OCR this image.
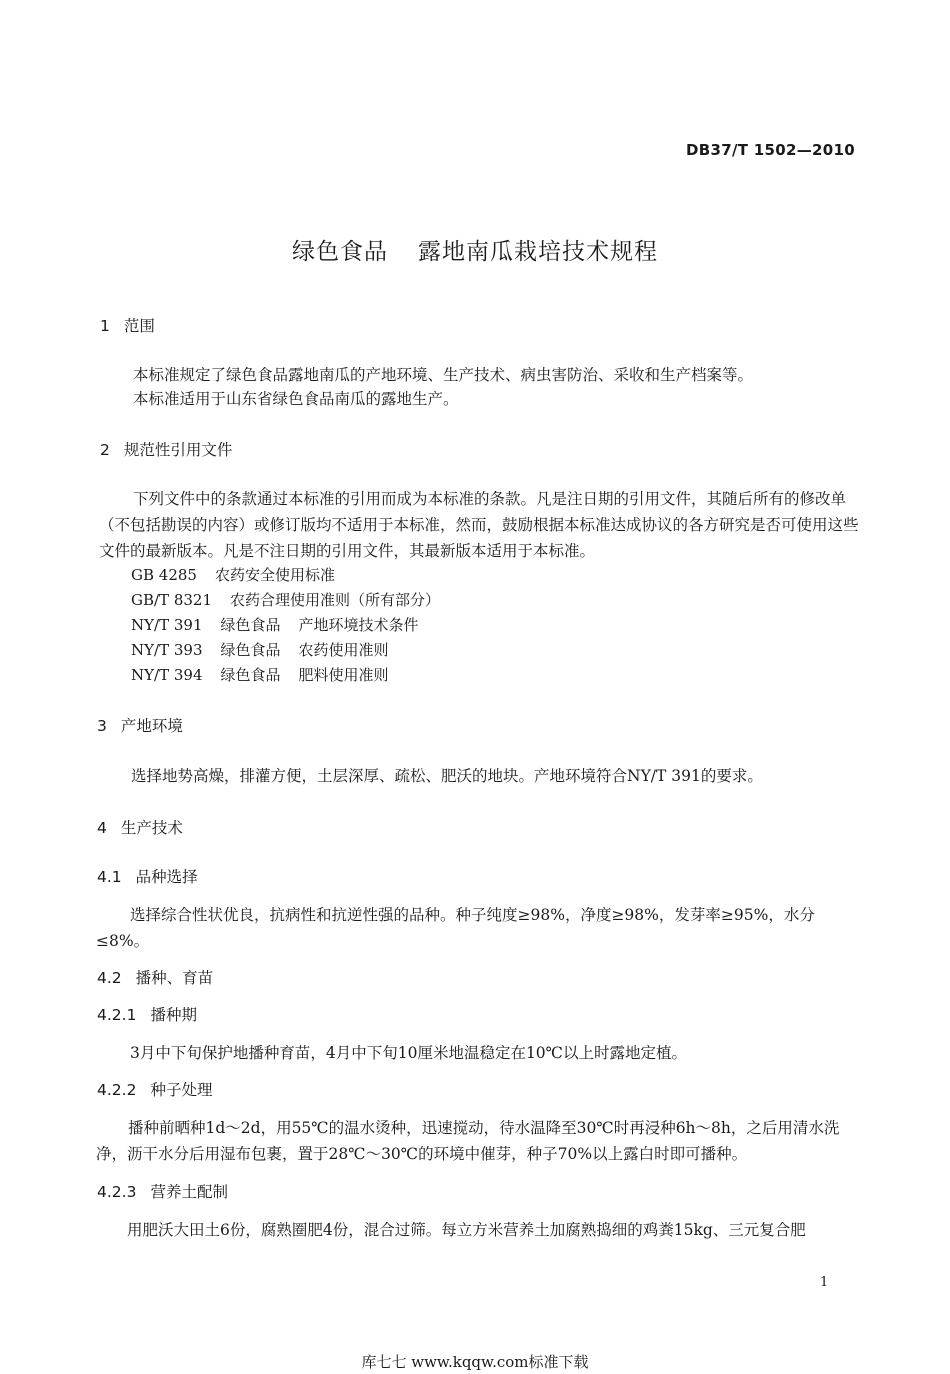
DB37/T 1502—2010
绿色食品 露地南瓜栽培技术规程
1 范围
本标准规定了绿色食品露地南瓜的产地环境、生产技术、病虫害防治、采收和生产档案等。
本标准适用于山东省绿色食品南瓜的露地生产。
2 规范性引用文件
下列文件中的条款通过本标准的引用而成为本标准的条款。凡是注日期的引用文件，其随后所有的修改单（不包括勘误的内容）或修订版均不适用于本标准，然而，鼓励根据本标准达成协议的各方研究是否可使用这些文件的最新版本。凡是不注日期的引用文件，其最新版本适用于本标准。
GB 4285 农药安全使用标准
GB/T 8321 农药合理使用准则（所有部分）
NY/T 391 绿色食品 产地环境技术条件
NY/T 393 绿色食品 农药使用准则
NY/T 394 绿色食品 肥料使用准则
3 产地环境
选择地势高燥，排灌方便，土层深厚、疏松、肥沃的地块。产地环境符合NY/T 391的要求。
4 生产技术
4.1 品种选择
选择综合性状优良，抗病性和抗逆性强的品种。种子纯度≥98%，净度≥98%，发芽率≥95%，水分≤8%。
4.2 播种、育苗
4.2.1 播种期
3月中下旬保护地播种育苗，4月中下旬10厘米地温稳定在10℃以上时露地定植。
4.2.2 种子处理
播种前晒种1d～2d，用55℃的温水烫种，迅速搅动，待水温降至30℃时再浸种6h～8h，之后用清水洗净，沥干水分后用湿布包裹，置于28℃～30℃的环境中催芽，种子70%以上露白时即可播种。
4.2.3 营养土配制
用肥沃大田土6份，腐熟圈肥4份，混合过筛。每立方米营养土加腐熟捣细的鸡粪15kg、三元复合肥
1
库七七 www.kqqw.com标准下载
